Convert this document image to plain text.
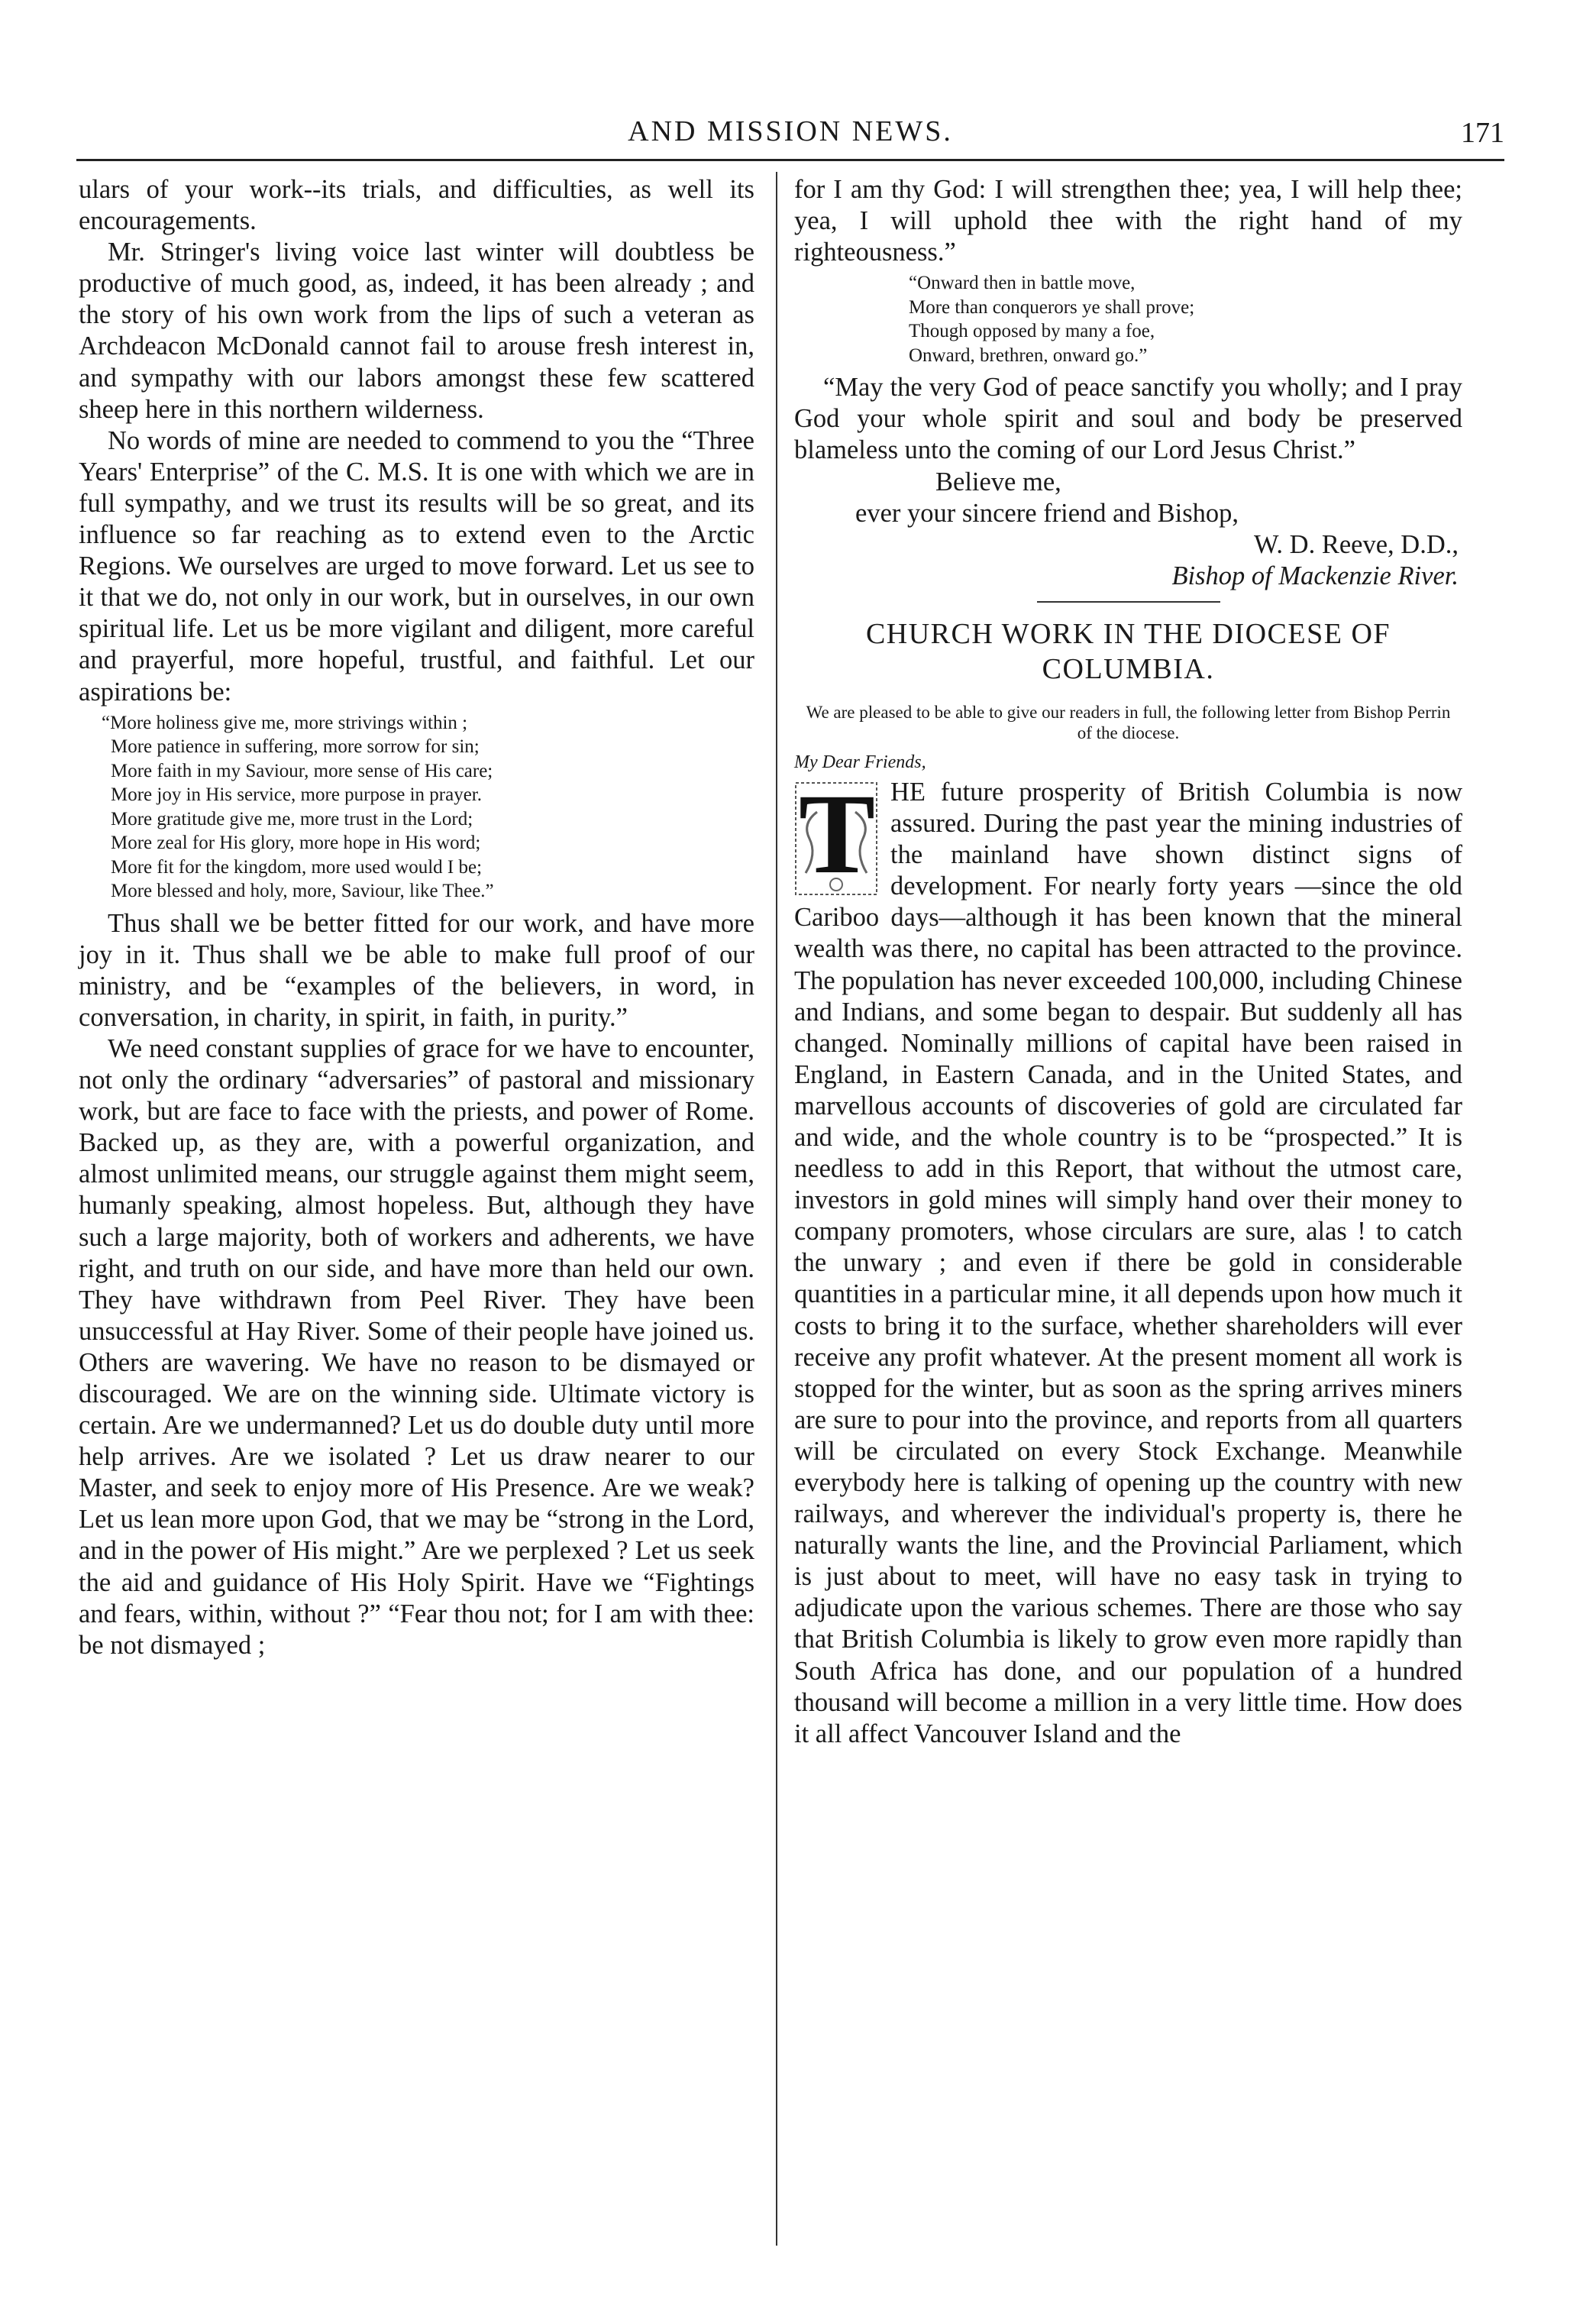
AND MISSION NEWS.	171

ulars of your work--its trials, and difficulties, as well its encouragements.

Mr. Stringer's living voice last winter will doubtless be productive of much good, as, indeed, it has been already ; and the story of his own work from the lips of such a veteran as Archdeacon McDonald cannot fail to arouse fresh interest in, and sympathy with our labors amongst these few scattered sheep here in this northern wilderness.

No words of mine are needed to commend to you the “Three Years' Enterprise” of the C. M.S. It is one with which we are in full sympathy, and we trust its results will be so great, and its influence so far reaching as to extend even to the Arctic Regions. We ourselves are urged to move forward. Let us see to it that we do, not only in our work, but in ourselves, in our own spiritual life. Let us be more vigilant and diligent, more careful and prayerful, more hopeful, trustful, and faithful. Let our aspirations be:

“More holiness give me, more strivings within ;
More patience in suffering, more sorrow for sin;
More faith in my Saviour, more sense of His care;
More joy in His service, more purpose in prayer.
More gratitude give me, more trust in the Lord;
More zeal for His glory, more hope in His word;
More fit for the kingdom, more used would I be;
More blessed and holy, more, Saviour, like Thee.”

Thus shall we be better fitted for our work, and have more joy in it. Thus shall we be able to make full proof of our ministry, and be “examples of the believers, in word, in conversation, in charity, in spirit, in faith, in purity.”

We need constant supplies of grace for we have to encounter, not only the ordinary “adversaries” of pastoral and missionary work, but are face to face with the priests, and power of Rome. Backed up, as they are, with a powerful organization, and almost unlimited means, our struggle against them might seem, humanly speaking, almost hopeless. But, although they have such a large majority, both of workers and adherents, we have right, and truth on our side, and have more than held our own. They have withdrawn from Peel River. They have been unsuccessful at Hay River. Some of their people have joined us. Others are wavering. We have no reason to be dismayed or discouraged. We are on the winning side. Ultimate victory is certain. Are we undermanned? Let us do double duty until more help arrives. Are we isolated ? Let us draw nearer to our Master, and seek to enjoy more of His Presence. Are we weak? Let us lean more upon God, that we may be “strong in the Lord, and in the power of His might.” Are we perplexed ? Let us seek the aid and guidance of His Holy Spirit. Have we “Fightings and fears, within, without ?” “Fear thou not; for I am with thee: be not dismayed ;

for I am thy God: I will strengthen thee; yea, I will help thee; yea, I will uphold thee with the right hand of my righteousness.”

“Onward then in battle move,
More than conquerors ye shall prove;
Though opposed by many a foe,
Onward, brethren, onward go.”

“May the very God of peace sanctify you wholly; and I pray God your whole spirit and soul and body be preserved blameless unto the coming of our Lord Jesus Christ.”

Believe me,
ever your sincere friend and Bishop,
W. D. Reeve, D.D.,
Bishop of Mackenzie River.
CHURCH WORK IN THE DIOCESE OF COLUMBIA.
We are pleased to be able to give our readers in full, the following letter from Bishop Perrin of the diocese.
My Dear Friends,

T HE future prosperity of British Columbia is now assured. During the past year the mining industries of the mainland have shown distinct signs of development. For nearly forty years —since the old Cariboo days—although it has been known that the mineral wealth was there, no capital has been attracted to the province. The population has never exceeded 100,000, including Chinese and Indians, and some began to despair. But suddenly all has changed. Nominally millions of capital have been raised in England, in Eastern Canada, and in the United States, and marvellous accounts of discoveries of gold are circulated far and wide, and the whole country is to be “prospected.” It is needless to add in this Report, that without the utmost care, investors in gold mines will simply hand over their money to company promoters, whose circulars are sure, alas ! to catch the unwary ; and even if there be gold in considerable quantities in a particular mine, it all depends upon how much it costs to bring it to the surface, whether shareholders will ever receive any profit whatever. At the present moment all work is stopped for the winter, but as soon as the spring arrives miners are sure to pour into the province, and reports from all quarters will be circulated on every Stock Exchange. Meanwhile everybody here is talking of opening up the country with new railways, and wherever the individual's property is, there he naturally wants the line, and the Provincial Parliament, which is just about to meet, will have no easy task in trying to adjudicate upon the various schemes. There are those who say that British Columbia is likely to grow even more rapidly than South Africa has done, and our population of a hundred thousand will become a million in a very little time. How does it all affect Vancouver Island and the
